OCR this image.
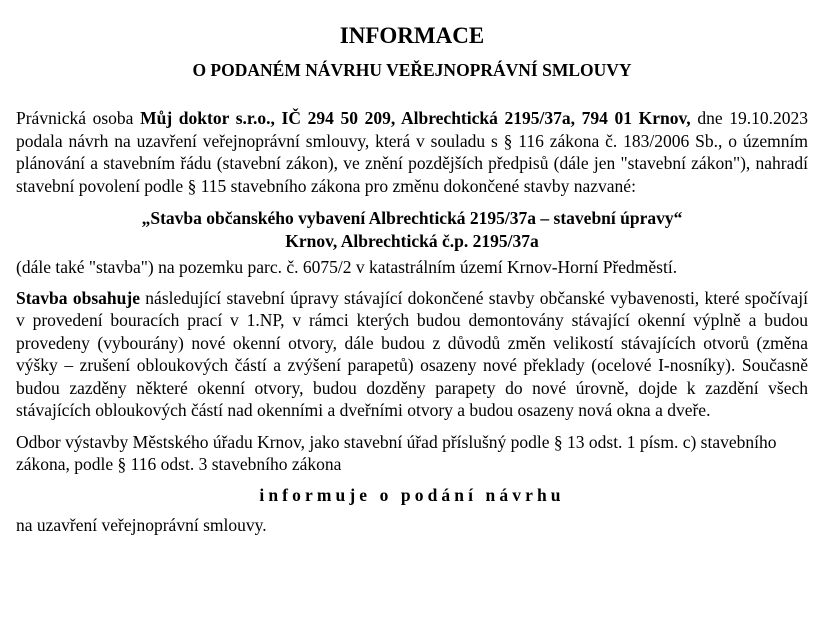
INFORMACE
O PODANÉM NÁVRHU VEŘEJNOPRÁVNÍ SMLOUVY

Právnická osoba Můj doktor s.r.o., IČ 294 50 209, Albrechtická 2195/37a, 794 01 Krnov, dne 19.10.2023 podala návrh na uzavření veřejnoprávní smlouvy, která v souladu s § 116 zákona č. 183/2006 Sb., o územním plánování a stavebním řádu (stavební zákon), ve znění pozdějších předpisů (dále jen "stavební zákon"), nahradí stavební povolení podle § 115 stavebního zákona pro změnu dokončené stavby nazvané:

„Stavba občanského vybavení Albrechtická 2195/37a – stavební úpravy“
Krnov, Albrechtická č.p. 2195/37a

(dále také "stavba") na pozemku parc. č. 6075/2 v katastrálním území Krnov-Horní Předměstí.

Stavba obsahuje následující stavební úpravy stávající dokončené stavby občanské vybavenosti, které spočívají v provedení bouracích prací v 1.NP, v rámci kterých budou demontovány stávající okenní výplně a budou provedeny (vybourány) nové okenní otvory, dále budou z důvodů změn velikostí stávajících otvorů (změna výšky – zrušení obloukových částí a zvýšení parapetů) osazeny nové překlady (ocelové I-nosníky). Současně budou zazděny některé okenní otvory, budou dozděny parapety do nové úrovně, dojde k zazdění všech stávajících obloukových částí nad okenními a dveřními otvory a budou osazeny nová okna a dveře.

Odbor výstavby Městského úřadu Krnov, jako stavební úřad příslušný podle § 13 odst. 1 písm. c) stavebního zákona, podle § 116 odst. 3 stavebního zákona

informuje o podání návrhu

na uzavření veřejnoprávní smlouvy.
